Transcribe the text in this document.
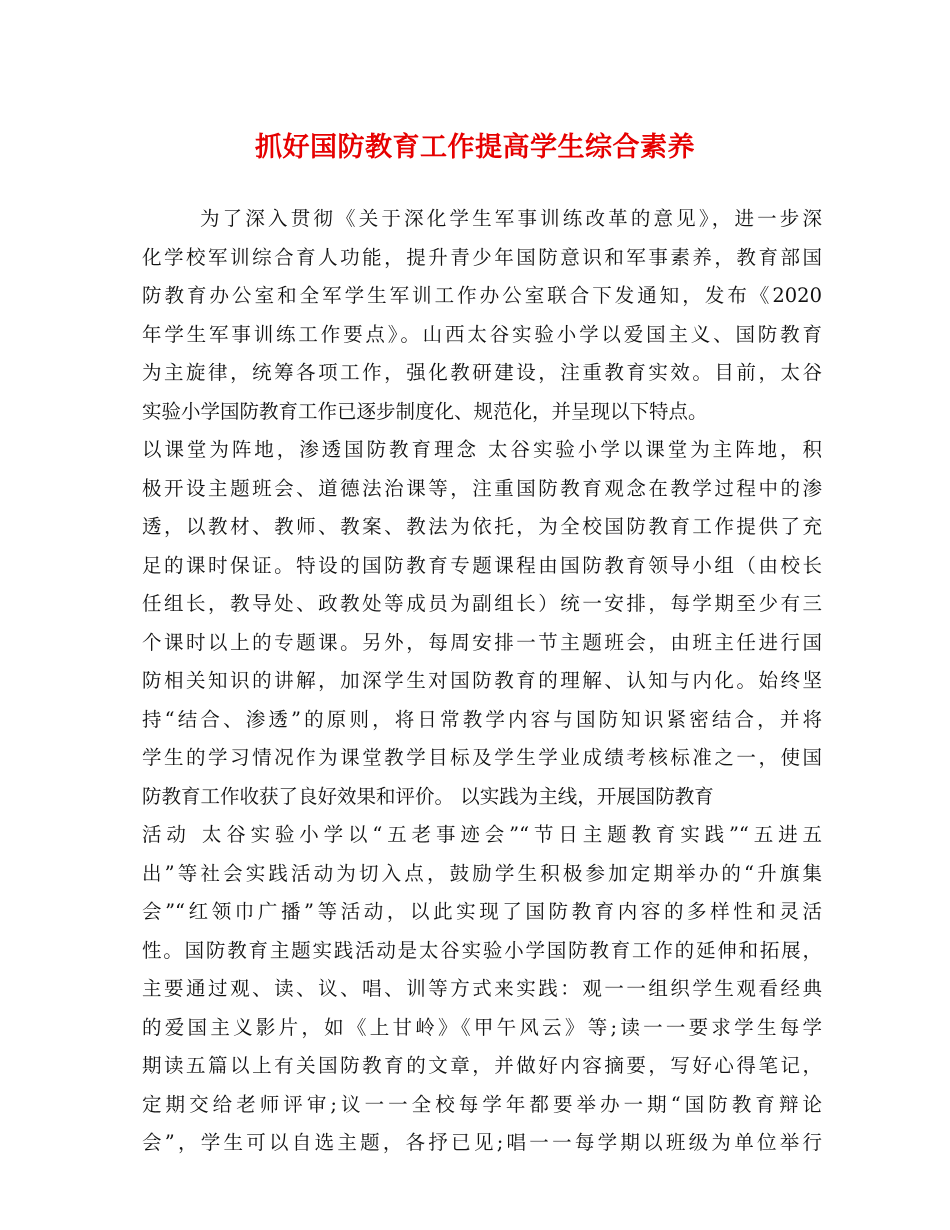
抓好国防教育工作提高学生综合素养
为了深入贯彻《关于深化学生军事训练改革的意见》，进一步深
化学校军训综合育人功能，提升青少年国防意识和军事素养，教育部国
防教育办公室和全军学生军训工作办公室联合下发通知，发布《2020
年学生军事训练工作要点》。山西太谷实验小学以爱国主义、国防教育
为主旋律，统筹各项工作，强化教研建设，注重教育实效。目前，太谷
实验小学国防教育工作已逐步制度化、规范化，并呈现以下特点。
以课堂为阵地，渗透国防教育理念 太谷实验小学以课堂为主阵地，积
极开设主题班会、道德法治课等，注重国防教育观念在教学过程中的渗
透，以教材、教师、教案、教法为依托，为全校国防教育工作提供了充
足的课时保证。特设的国防教育专题课程由国防教育领导小组（由校长
任组长，教导处、政教处等成员为副组长）统一安排，每学期至少有三
个课时以上的专题课。另外，每周安排一节主题班会，由班主任进行国
防相关知识的讲解，加深学生对国防教育的理解、认知与内化。始终坚
持“结合、渗透”的原则，将日常教学内容与国防知识紧密结合，并将
学生的学习情况作为课堂教学目标及学生学业成绩考核标准之一，使国
防教育工作收获了良好效果和评价。 以实践为主线，开展国防教育
活动 太谷实验小学以“五老事迹会”“节日主题教育实践”“五进五
出”等社会实践活动为切入点，鼓励学生积极参加定期举办的“升旗集
会”“红领巾广播”等活动，以此实现了国防教育内容的多样性和灵活
性。国防教育主题实践活动是太谷实验小学国防教育工作的延伸和拓展，
主要通过观、读、议、唱、训等方式来实践：观一一组织学生观看经典
的爱国主义影片，如《上甘岭》《甲午风云》等;读一一要求学生每学
期读五篇以上有关国防教育的文章，并做好内容摘要，写好心得笔记，
定期交给老师评审;议一一全校每学年都要举办一期“国防教育辩论
会”，学生可以自选主题，各抒已见;唱一一每学期以班级为单位举行
